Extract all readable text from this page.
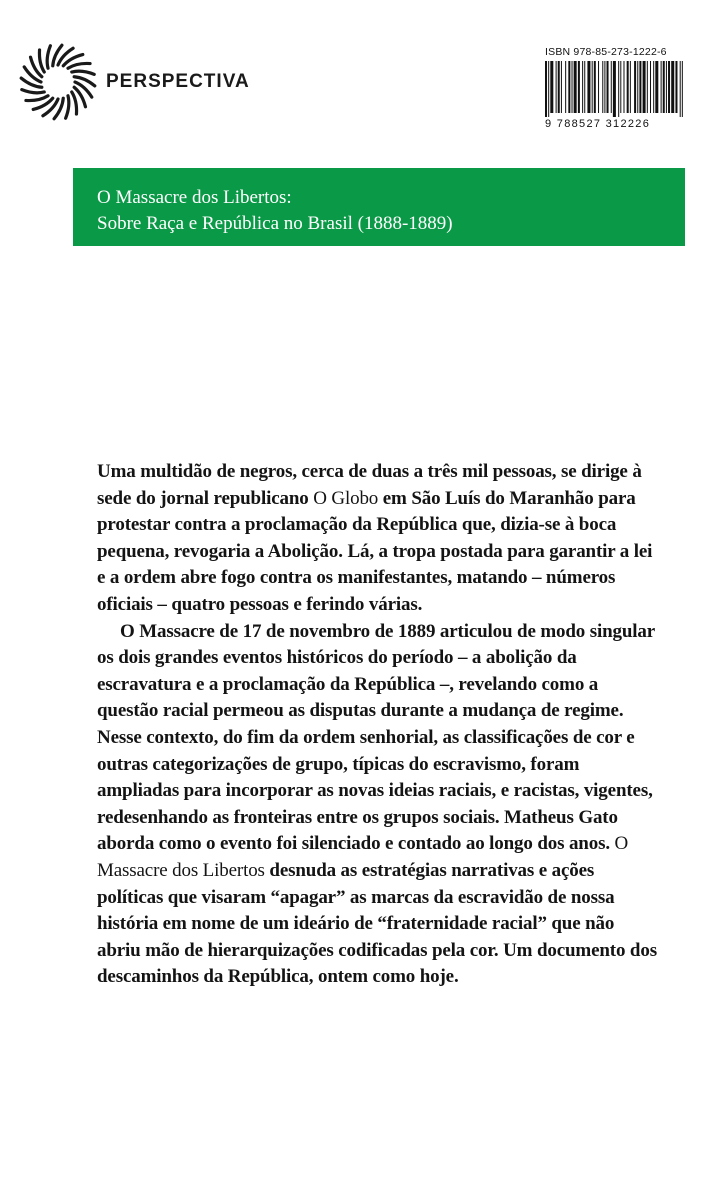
PERSPECTIVA
ISBN 978-85-273-1222-6
9 788527 312226
O Massacre dos Libertos:
Sobre Raça e República no Brasil (1888-1889)

Uma multidão de negros, cerca de duas a três mil pessoas, se dirige à sede do jornal republicano O Globo em São Luís do Maranhão para protestar contra a proclamação da República que, dizia-se à boca pequena, revogaria a Abolição. Lá, a tropa postada para garantir a lei e a ordem abre fogo contra os manifestantes, matando – números oficiais – quatro pessoas e ferindo várias.

O Massacre de 17 de novembro de 1889 articulou de modo singular os dois grandes eventos históricos do período – a abolição da escravatura e a proclamação da República –, revelando como a questão racial permeou as disputas durante a mudança de regime. Nesse contexto, do fim da ordem senhorial, as classificações de cor e outras categorizações de grupo, típicas do escravismo, foram ampliadas para incorporar as novas ideias raciais, e racistas, vigentes, redesenhando as fronteiras entre os grupos sociais. Matheus Gato aborda como o evento foi silenciado e contado ao longo dos anos. O Massacre dos Libertos desnuda as estratégias narrativas e ações políticas que visaram “apagar” as marcas da escravidão de nossa história em nome de um ideário de “fraternidade racial” que não abriu mão de hierarquizações codificadas pela cor. Um documento dos descaminhos da República, ontem como hoje.
